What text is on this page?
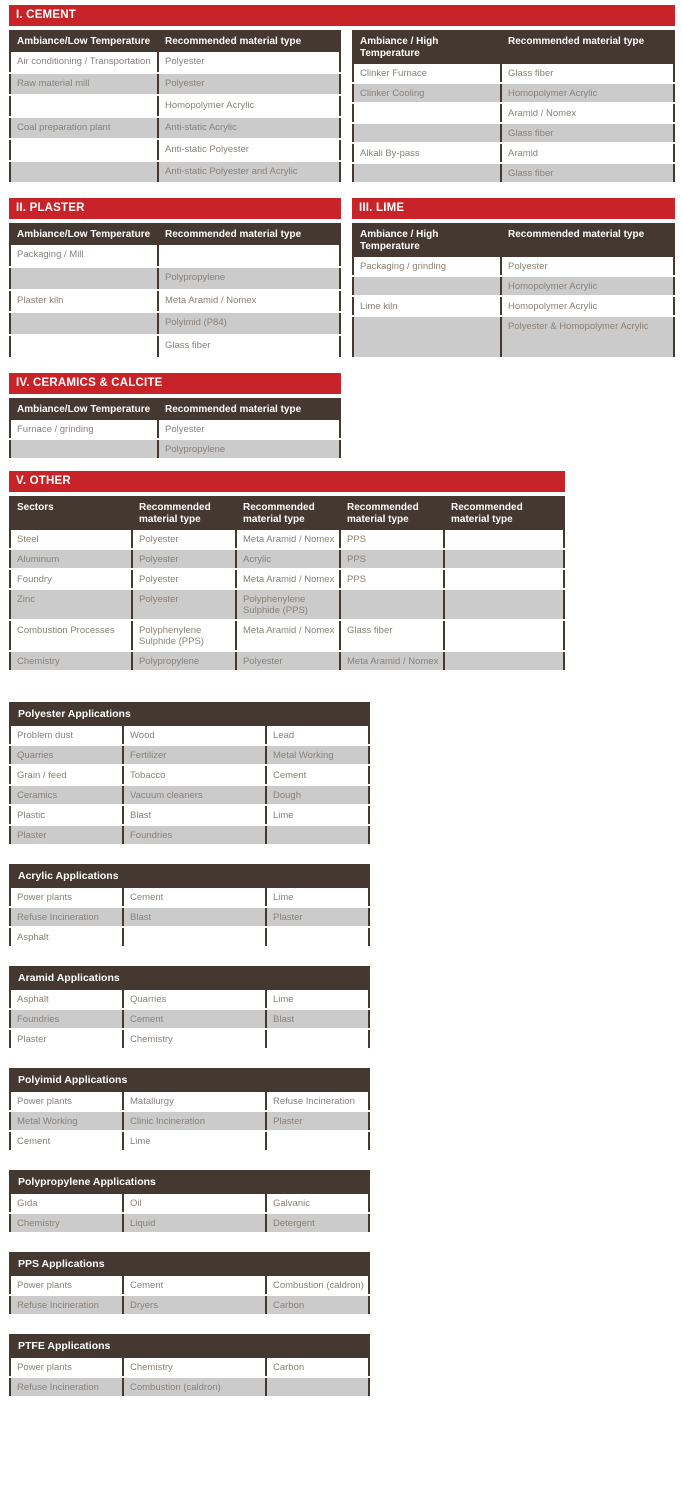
I. CEMENT
Ambiance/Low Temperature	Recommended material type
Air conditioning / Transportation	Polyester
Raw material mill	Polyester
	Homopolymer Acrylic
Coal preparation plant	Anti-static Acrylic
	Anti-static Polyester
	Anti-static Polyester and Acrylic
Ambiance / High Temperature	Recommended material type
Clinker Furnace	Glass fiber
Clinker Cooling	Homopolymer Acrylic
	Aramid / Nomex
	Glass fiber
Alkali By-pass	Aramid
	Glass fiber
II. PLASTER	III. LIME
Ambiance/Low Temperature	Recommended material type
Packaging / Mill	
	Polypropylene
Plaster kiln	Meta Aramid / Nomex
	Polyimid (P84)
	Glass fiber
Ambiance / High Temperature	Recommended material type
Packaging / grinding	Polyester
	Homopolymer Acrylic
Lime kiln	Homopolymer Acrylic
	Polyester & Homopolymer Acrylic
IV. CERAMICS & CALCITE
Ambiance/Low Temperature	Recommended material type
Furnace / grinding	Polyester
	Polypropylene
V. OTHER
Sectors	Recommended material type	Recommended material type	Recommended material type	Recommended material type
Steel	Polyester	Meta Aramid / Nomex	PPS	
Aluminum	Polyester	Acrylic	PPS	
Foundry	Polyester	Meta Aramid / Nomex	PPS	
Zinc	Polyester	Polyphenylene Sulphide (PPS)		
Combustion Processes	Polyphenylene Sulphide (PPS)	Meta Aramid / Nomex	Glass fiber	
Chemistry	Polypropylene	Polyester	Meta Aramid / Nomex	
Polyester Applications
Problem dust	Wood	Lead
Quarries	Fertilizer	Metal Working
Grain / feed	Tobacco	Cement
Ceramics	Vacuum cleaners	Dough
Plastic	Blast	Lime
Plaster	Foundries	
Acrylic Applications
Power plants	Cement	Lime
Refuse Incineration	Blast	Plaster
Asphalt		
Aramid Applications
Asphalt	Quarries	Lime
Foundries	Cement	Blast
Plaster	Chemistry	
Polyimid Applications
Power plants	Matallurgy	Refuse Incineration
Metal Working	Clinic Incineration	Plaster
Cement	Lime	
Polypropylene Applications
Gıda	Oil	Galvanic
Chemistry	Liquid	Detergent
PPS Applications
Power plants	Cement	Combustion (caldron)
Refuse Incineration	Dryers	Carbon
PTFE Applications
Power plants	Chemistry	Carbon
Refuse Incineration	Combustion (caldron)	
